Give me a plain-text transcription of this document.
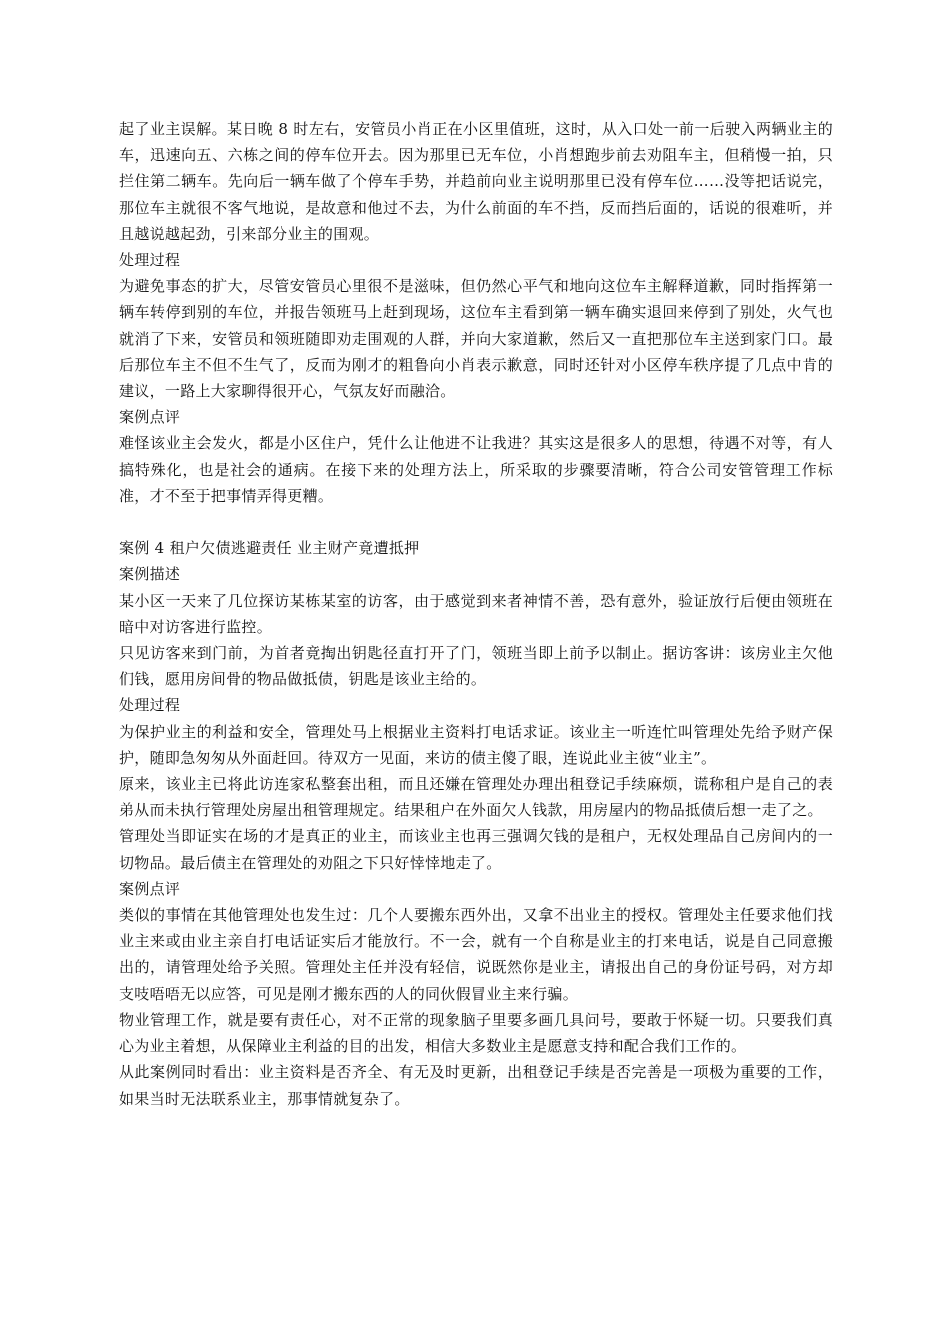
起了业主误解。某日晚 8 时左右，安管员小肖正在小区里值班，这时，从入口处一前一后驶入两辆业主的车，迅速向五、六栋之间的停车位开去。因为那里已无车位，小肖想跑步前去劝阻车主，但稍慢一拍，只拦住第二辆车。先向后一辆车做了个停车手势，并趋前向业主说明那里已没有停车位……没等把话说完，那位车主就很不客气地说，是故意和他过不去，为什么前面的车不挡，反而挡后面的，话说的很难听，并且越说越起劲，引来部分业主的围观。

处理过程

为避免事态的扩大，尽管安管员心里很不是滋味，但仍然心平气和地向这位车主解释道歉，同时指挥第一辆车转停到别的车位，并报告领班马上赶到现场，这位车主看到第一辆车确实退回来停到了别处，火气也就消了下来，安管员和领班随即劝走围观的人群，并向大家道歉，然后又一直把那位车主送到家门口。最后那位车主不但不生气了，反而为刚才的粗鲁向小肖表示歉意，同时还针对小区停车秩序提了几点中肯的建议，一路上大家聊得很开心，气氛友好而融洽。

案例点评

难怪该业主会发火，都是小区住户，凭什么让他进不让我进？其实这是很多人的思想，待遇不对等，有人搞特殊化，也是社会的通病。在接下来的处理方法上，所采取的步骤要清晰，符合公司安管管理工作标准，才不至于把事情弄得更糟。

案例 4 租户欠债逃避责任 业主财产竟遭抵押

案例描述

某小区一天来了几位探访某栋某室的访客，由于感觉到来者神情不善，恐有意外，验证放行后便由领班在暗中对访客进行监控。

只见访客来到门前，为首者竟掏出钥匙径直打开了门，领班当即上前予以制止。据访客讲：该房业主欠他们钱，愿用房间骨的物品做抵债，钥匙是该业主给的。

处理过程

为保护业主的利益和安全，管理处马上根据业主资料打电话求证。该业主一听连忙叫管理处先给予财产保护，随即急匆匆从外面赶回。待双方一见面，来访的债主傻了眼，连说此业主彼“业主”。

原来，该业主已将此访连家私整套出租，而且还嫌在管理处办理出租登记手续麻烦，谎称租户是自己的表弟从而未执行管理处房屋出租管理规定。结果租户在外面欠人钱款，用房屋内的物品抵债后想一走了之。

管理处当即证实在场的才是真正的业主，而该业主也再三强调欠钱的是租户，无权处理品自己房间内的一切物品。最后债主在管理处的劝阻之下只好悻悻地走了。

案例点评

类似的事情在其他管理处也发生过：几个人要搬东西外出，又拿不出业主的授权。管理处主任要求他们找业主来或由业主亲自打电话证实后才能放行。不一会，就有一个自称是业主的打来电话，说是自己同意搬出的，请管理处给予关照。管理处主任并没有轻信，说既然你是业主，请报出自己的身份证号码，对方却支吱唔唔无以应答，可见是刚才搬东西的人的同伙假冒业主来行骗。

物业管理工作，就是要有责任心，对不正常的现象脑子里要多画几具问号，要敢于怀疑一切。只要我们真心为业主着想，从保障业主利益的目的出发，相信大多数业主是愿意支持和配合我们工作的。

从此案例同时看出：业主资料是否齐全、有无及时更新，出租登记手续是否完善是一项极为重要的工作，如果当时无法联系业主，那事情就复杂了。
